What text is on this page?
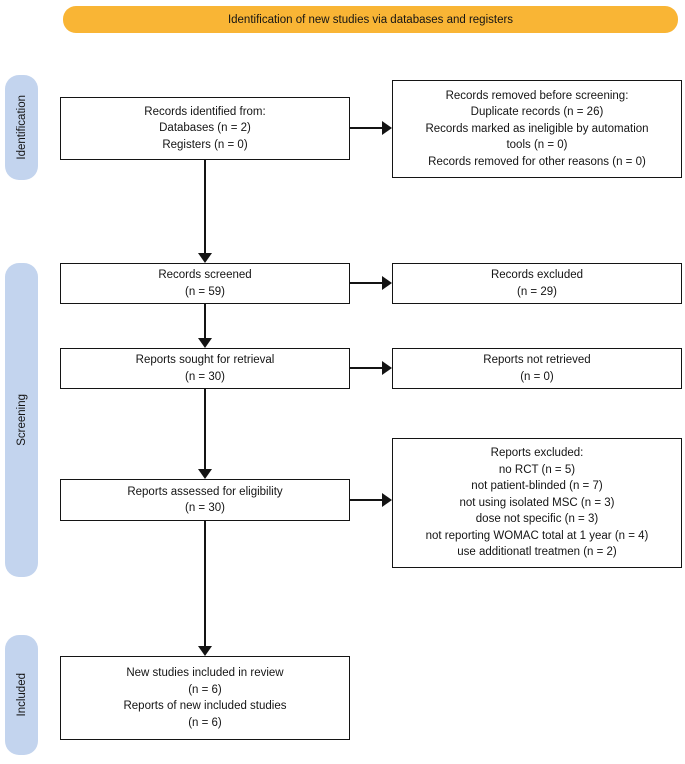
Identification of new studies via databases and registers
Identification
Screening
Included
Records identified from:
Databases (n = 2)
Registers (n = 0)
Records removed before screening:
Duplicate records (n = 26)
Records marked as ineligible by automation
tools (n = 0)
Records removed for other reasons (n = 0)
Records screened
(n = 59)
Records excluded
(n = 29)
Reports sought for retrieval
(n = 30)
Reports not retrieved
(n = 0)
Reports assessed for eligibility
(n = 30)
Reports excluded:
no RCT (n = 5)
not patient-blinded (n = 7)
not using isolated MSC (n = 3)
dose not specific (n = 3)
not reporting WOMAC total at 1 year (n = 4)
use additionatl treatmen (n = 2)
New studies included in review
(n = 6)
Reports of new included studies
(n = 6)
